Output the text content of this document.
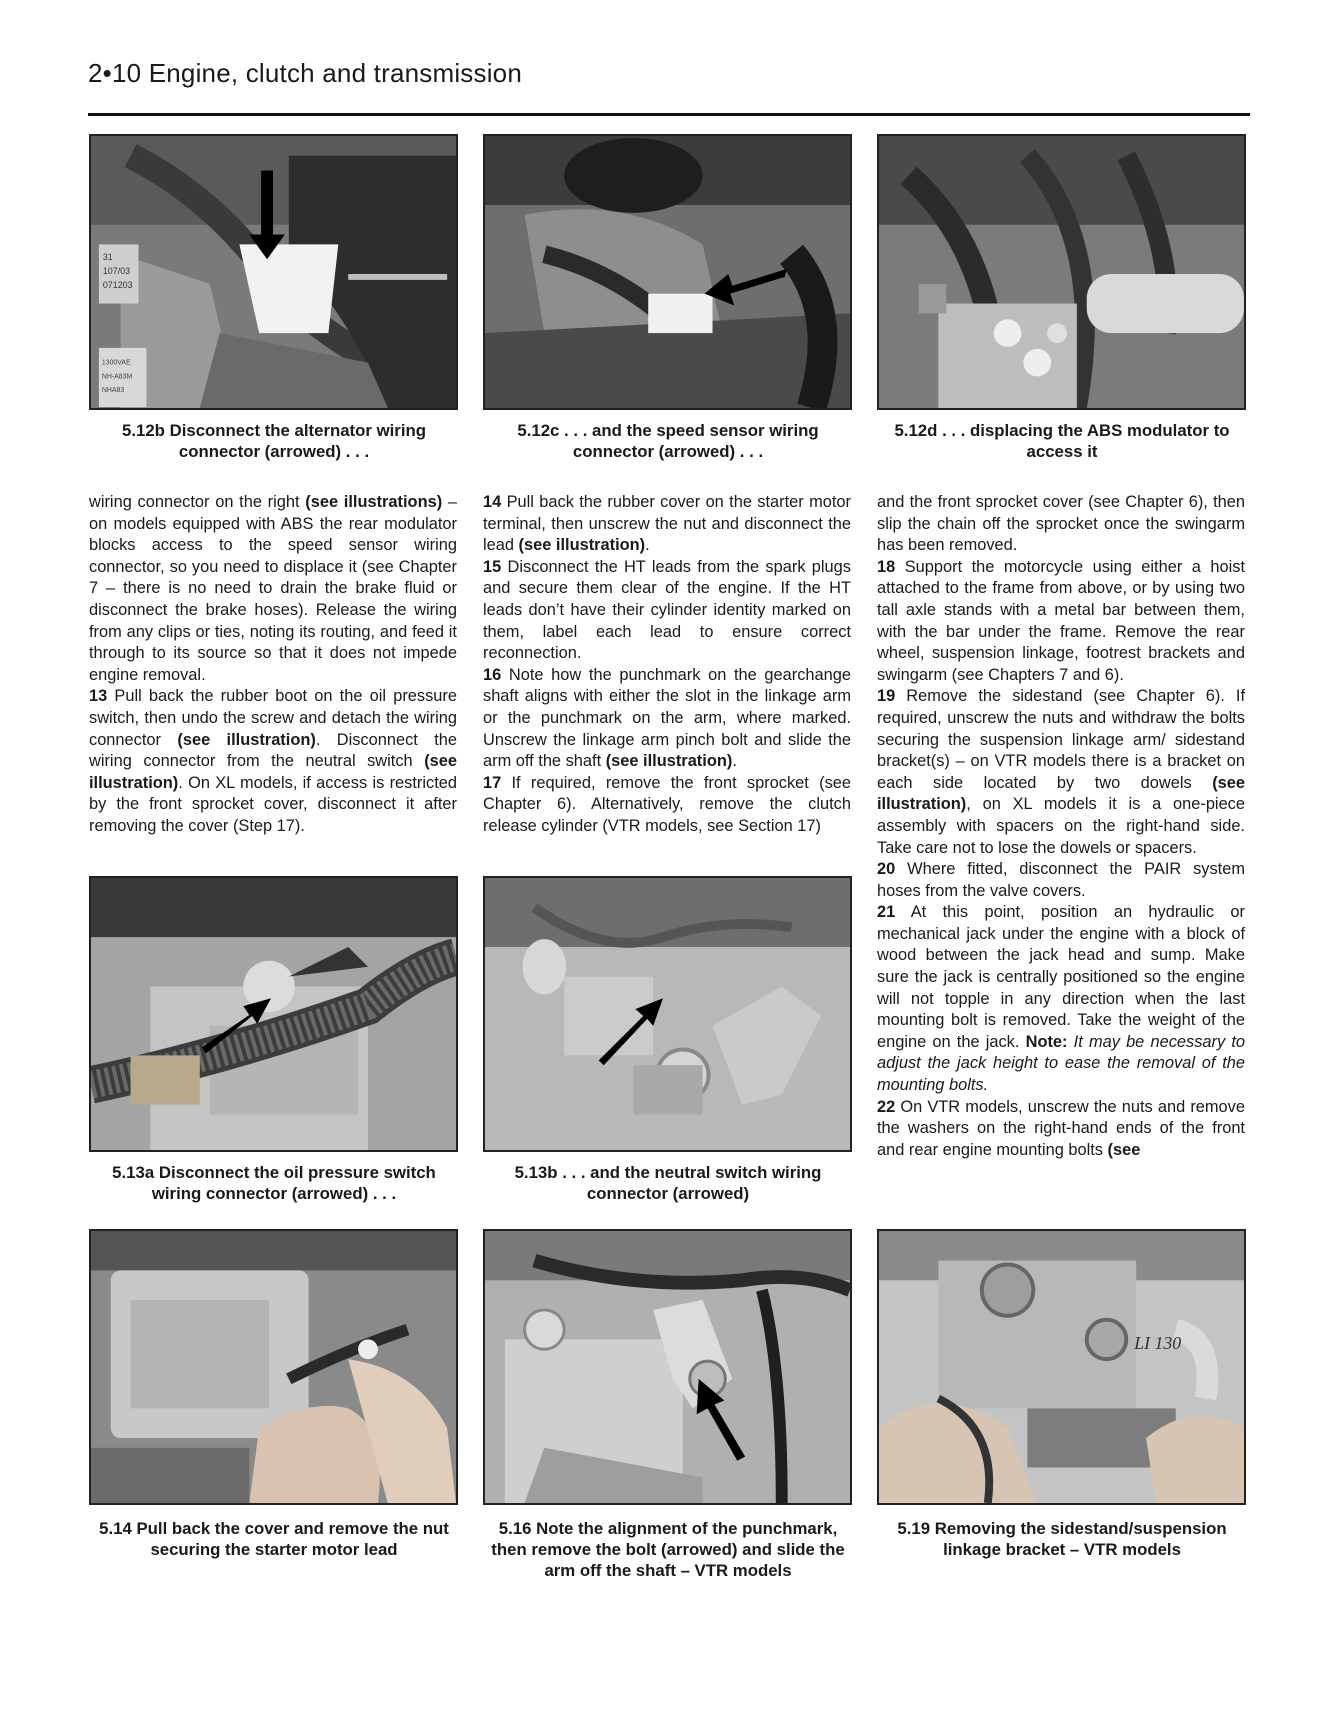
2•10 Engine, clutch and transmission
31
107/03
071203
1300VAE
NH-A83M
NHA83
5.12b Disconnect the alternator wiring connector (arrowed) . . .
5.12c . . . and the speed sensor wiring connector (arrowed) . . .
5.12d . . . displacing the ABS modulator to access it

wiring connector on the right (see illustrations) – on models equipped with ABS the rear modulator blocks access to the speed sensor wiring connector, so you need to displace it (see Chapter 7 – there is no need to drain the brake fluid or disconnect the brake hoses). Release the wiring from any clips or ties, noting its routing, and feed it through to its source so that it does not impede engine removal.

13 Pull back the rubber boot on the oil pressure switch, then undo the screw and detach the wiring connector (see illustration). Disconnect the wiring connector from the neutral switch (see illustration). On XL models, if access is restricted by the front sprocket cover, disconnect it after removing the cover (Step 17).

14 Pull back the rubber cover on the starter motor terminal, then unscrew the nut and disconnect the lead (see illustration).

15 Disconnect the HT leads from the spark plugs and secure them clear of the engine. If the HT leads don’t have their cylinder identity marked on them, label each lead to ensure correct reconnection.

16 Note how the punchmark on the gearchange shaft aligns with either the slot in the linkage arm or the punchmark on the arm, where marked. Unscrew the linkage arm pinch bolt and slide the arm off the shaft (see illustration).

17 If required, remove the front sprocket (see Chapter 6). Alternatively, remove the clutch release cylinder (VTR models, see Section 17)

and the front sprocket cover (see Chapter 6), then slip the chain off the sprocket once the swingarm has been removed.

18 Support the motorcycle using either a hoist attached to the frame from above, or by using two tall axle stands with a metal bar between them, with the bar under the frame. Remove the rear wheel, suspension linkage, footrest brackets and swingarm (see Chapters 7 and 6).

19 Remove the sidestand (see Chapter 6). If required, unscrew the nuts and withdraw the bolts securing the suspension linkage arm/ sidestand bracket(s) – on VTR models there is a bracket on each side located by two dowels (see illustration), on XL models it is a one-piece assembly with spacers on the right-hand side. Take care not to lose the dowels or spacers.

20 Where fitted, disconnect the PAIR system hoses from the valve covers.

21 At this point, position an hydraulic or mechanical jack under the engine with a block of wood between the jack head and sump. Make sure the jack is centrally positioned so the engine will not topple in any direction when the last mounting bolt is removed. Take the weight of the engine on the jack. Note: It may be necessary to adjust the jack height to ease the removal of the mounting bolts.

22 On VTR models, unscrew the nuts and remove the washers on the right-hand ends of the front and rear engine mounting bolts (see

5.13a Disconnect the oil pressure switch wiring connector (arrowed) . . .
5.13b . . . and the neutral switch wiring connector (arrowed)
LI 130
5.14 Pull back the cover and remove the nut securing the starter motor lead
5.16 Note the alignment of the punchmark, then remove the bolt (arrowed) and slide the arm off the shaft – VTR models
5.19 Removing the sidestand/suspension linkage bracket – VTR models
